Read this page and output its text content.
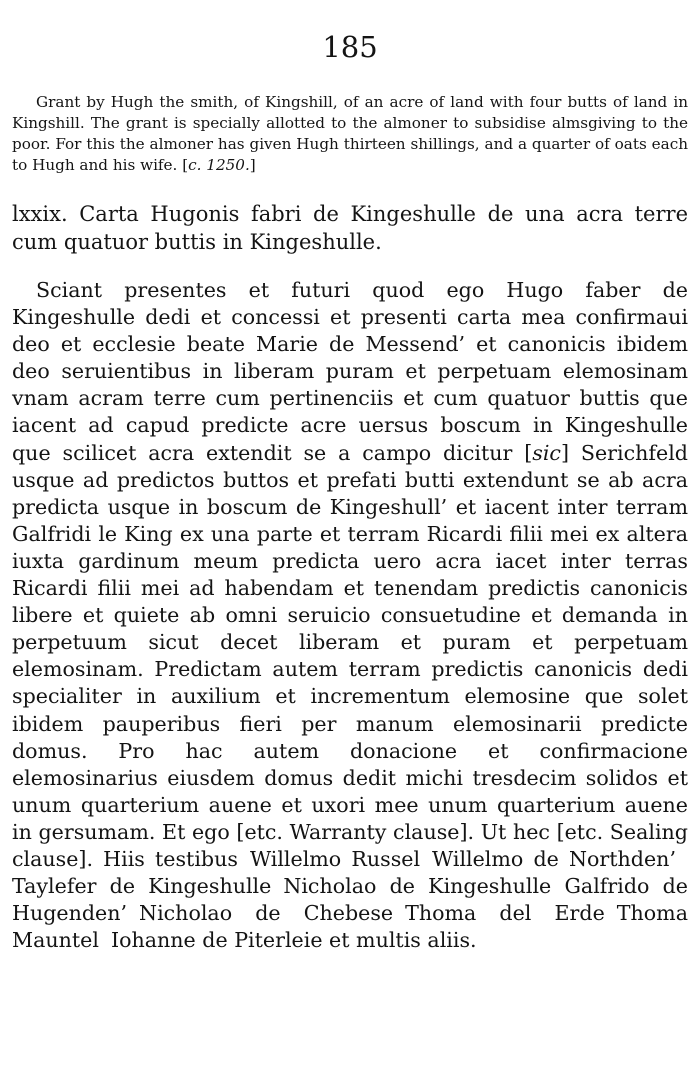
185

Grant by Hugh the smith, of Kingshill, of an acre of land with four butts of land in Kingshill. The grant is specially allotted to the almoner to subsidise almsgiving to the poor. For this the almoner has given Hugh thirteen shillings, and a quarter of oats each to Hugh and his wife. [c. 1250.]

lxxix. Carta Hugonis fabri de Kingeshulle de una acra terre cum quatuor buttis in Kingeshulle.

Sciant presentes et futuri quod ego Hugo faber de Kingeshulle dedi et concessi et presenti carta mea confirmaui deo et ecclesie beate Marie de Messend’ et canonicis ibidem deo seruientibus in liberam puram et perpetuam elemosinam vnam acram terre cum pertinenciis et cum quatuor buttis que iacent ad capud predicte acre uersus boscum in Kingeshulle que scilicet acra extendit se a campo dicitur [sic] Serichfeld usque ad predictos buttos et prefati butti extendunt se ab acra predicta usque in boscum de Kingeshull’ et iacent inter terram Galfridi le King ex una parte et terram Ricardi filii mei ex altera iuxta gardinum meum predicta uero acra iacet inter terras Ricardi filii mei ad habendam et tenendam predictis canonicis libere et quiete ab omni seruicio consuetudine et demanda in perpetuum sicut decet liberam et puram et perpetuam elemosinam. Predictam autem terram predictis canonicis dedi specialiter in auxilium et incrementum elemosine que solet ibidem pauperibus fieri per manum elemosinarii predicte domus. Pro hac autem donacione et confirmacione elemosinarius eiusdem domus dedit michi tresdecim solidos et unum quarterium auene et uxori mee unum quarterium auene in gersumam. Et ego [etc. Warranty clause]. Ut hec [etc. Sealing clause]. Hiis testibus Willelmo Russel Willelmo de Northden’Taylefer de Kingeshulle Nicholao de Kingeshulle Galfrido de Hugenden’ Nicholao de Chebese Thoma del Erde Thoma Mauntel Iohanne de Piterleie et multis aliis.
